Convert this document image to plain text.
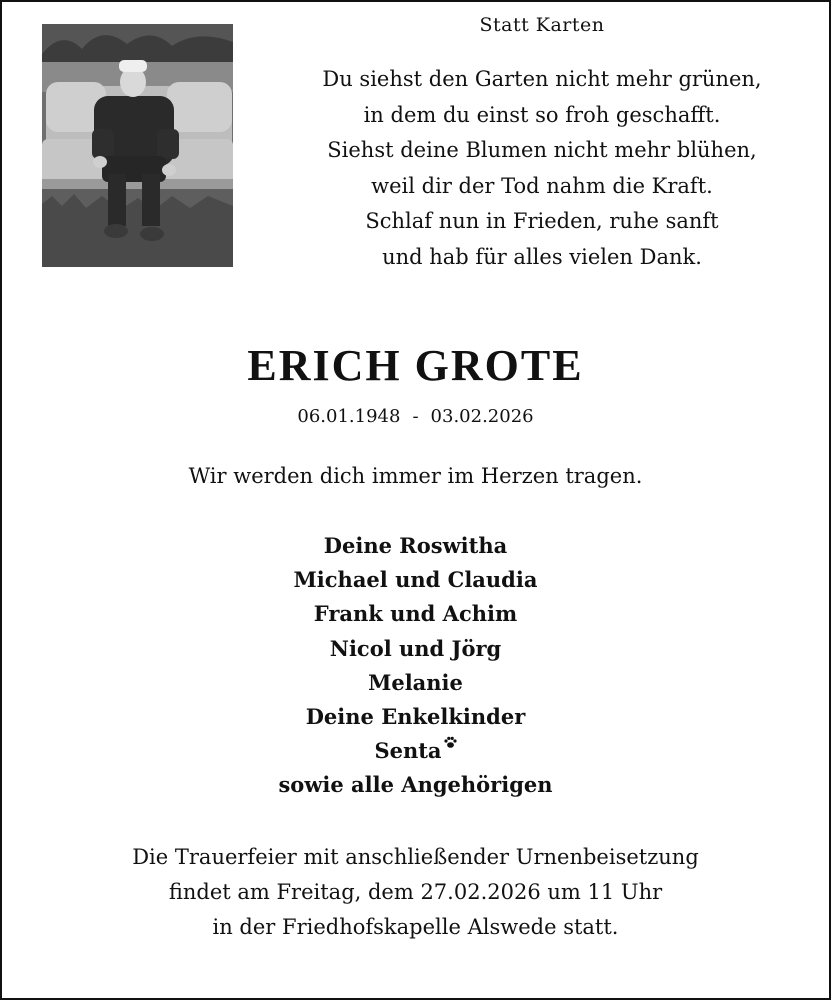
Statt Karten
Du siehst den Garten nicht mehr grünen,
in dem du einst so froh geschafft.
Siehst deine Blumen nicht mehr blühen,
weil dir der Tod nahm die Kraft.
Schlaf nun in Frieden, ruhe sanft
und hab für alles vielen Dank.
ERICH GROTE
06.01.1948 - 03.02.2026
Wir werden dich immer im Herzen tragen.
Deine Roswitha
Michael und Claudia
Frank und Achim
Nicol und Jörg
Melanie
Deine Enkelkinder
Senta
sowie alle Angehörigen
Die Trauerfeier mit anschließender Urnenbeisetzung
findet am Freitag, dem 27.02.2026 um 11 Uhr
in der Friedhofskapelle Alswede statt.
